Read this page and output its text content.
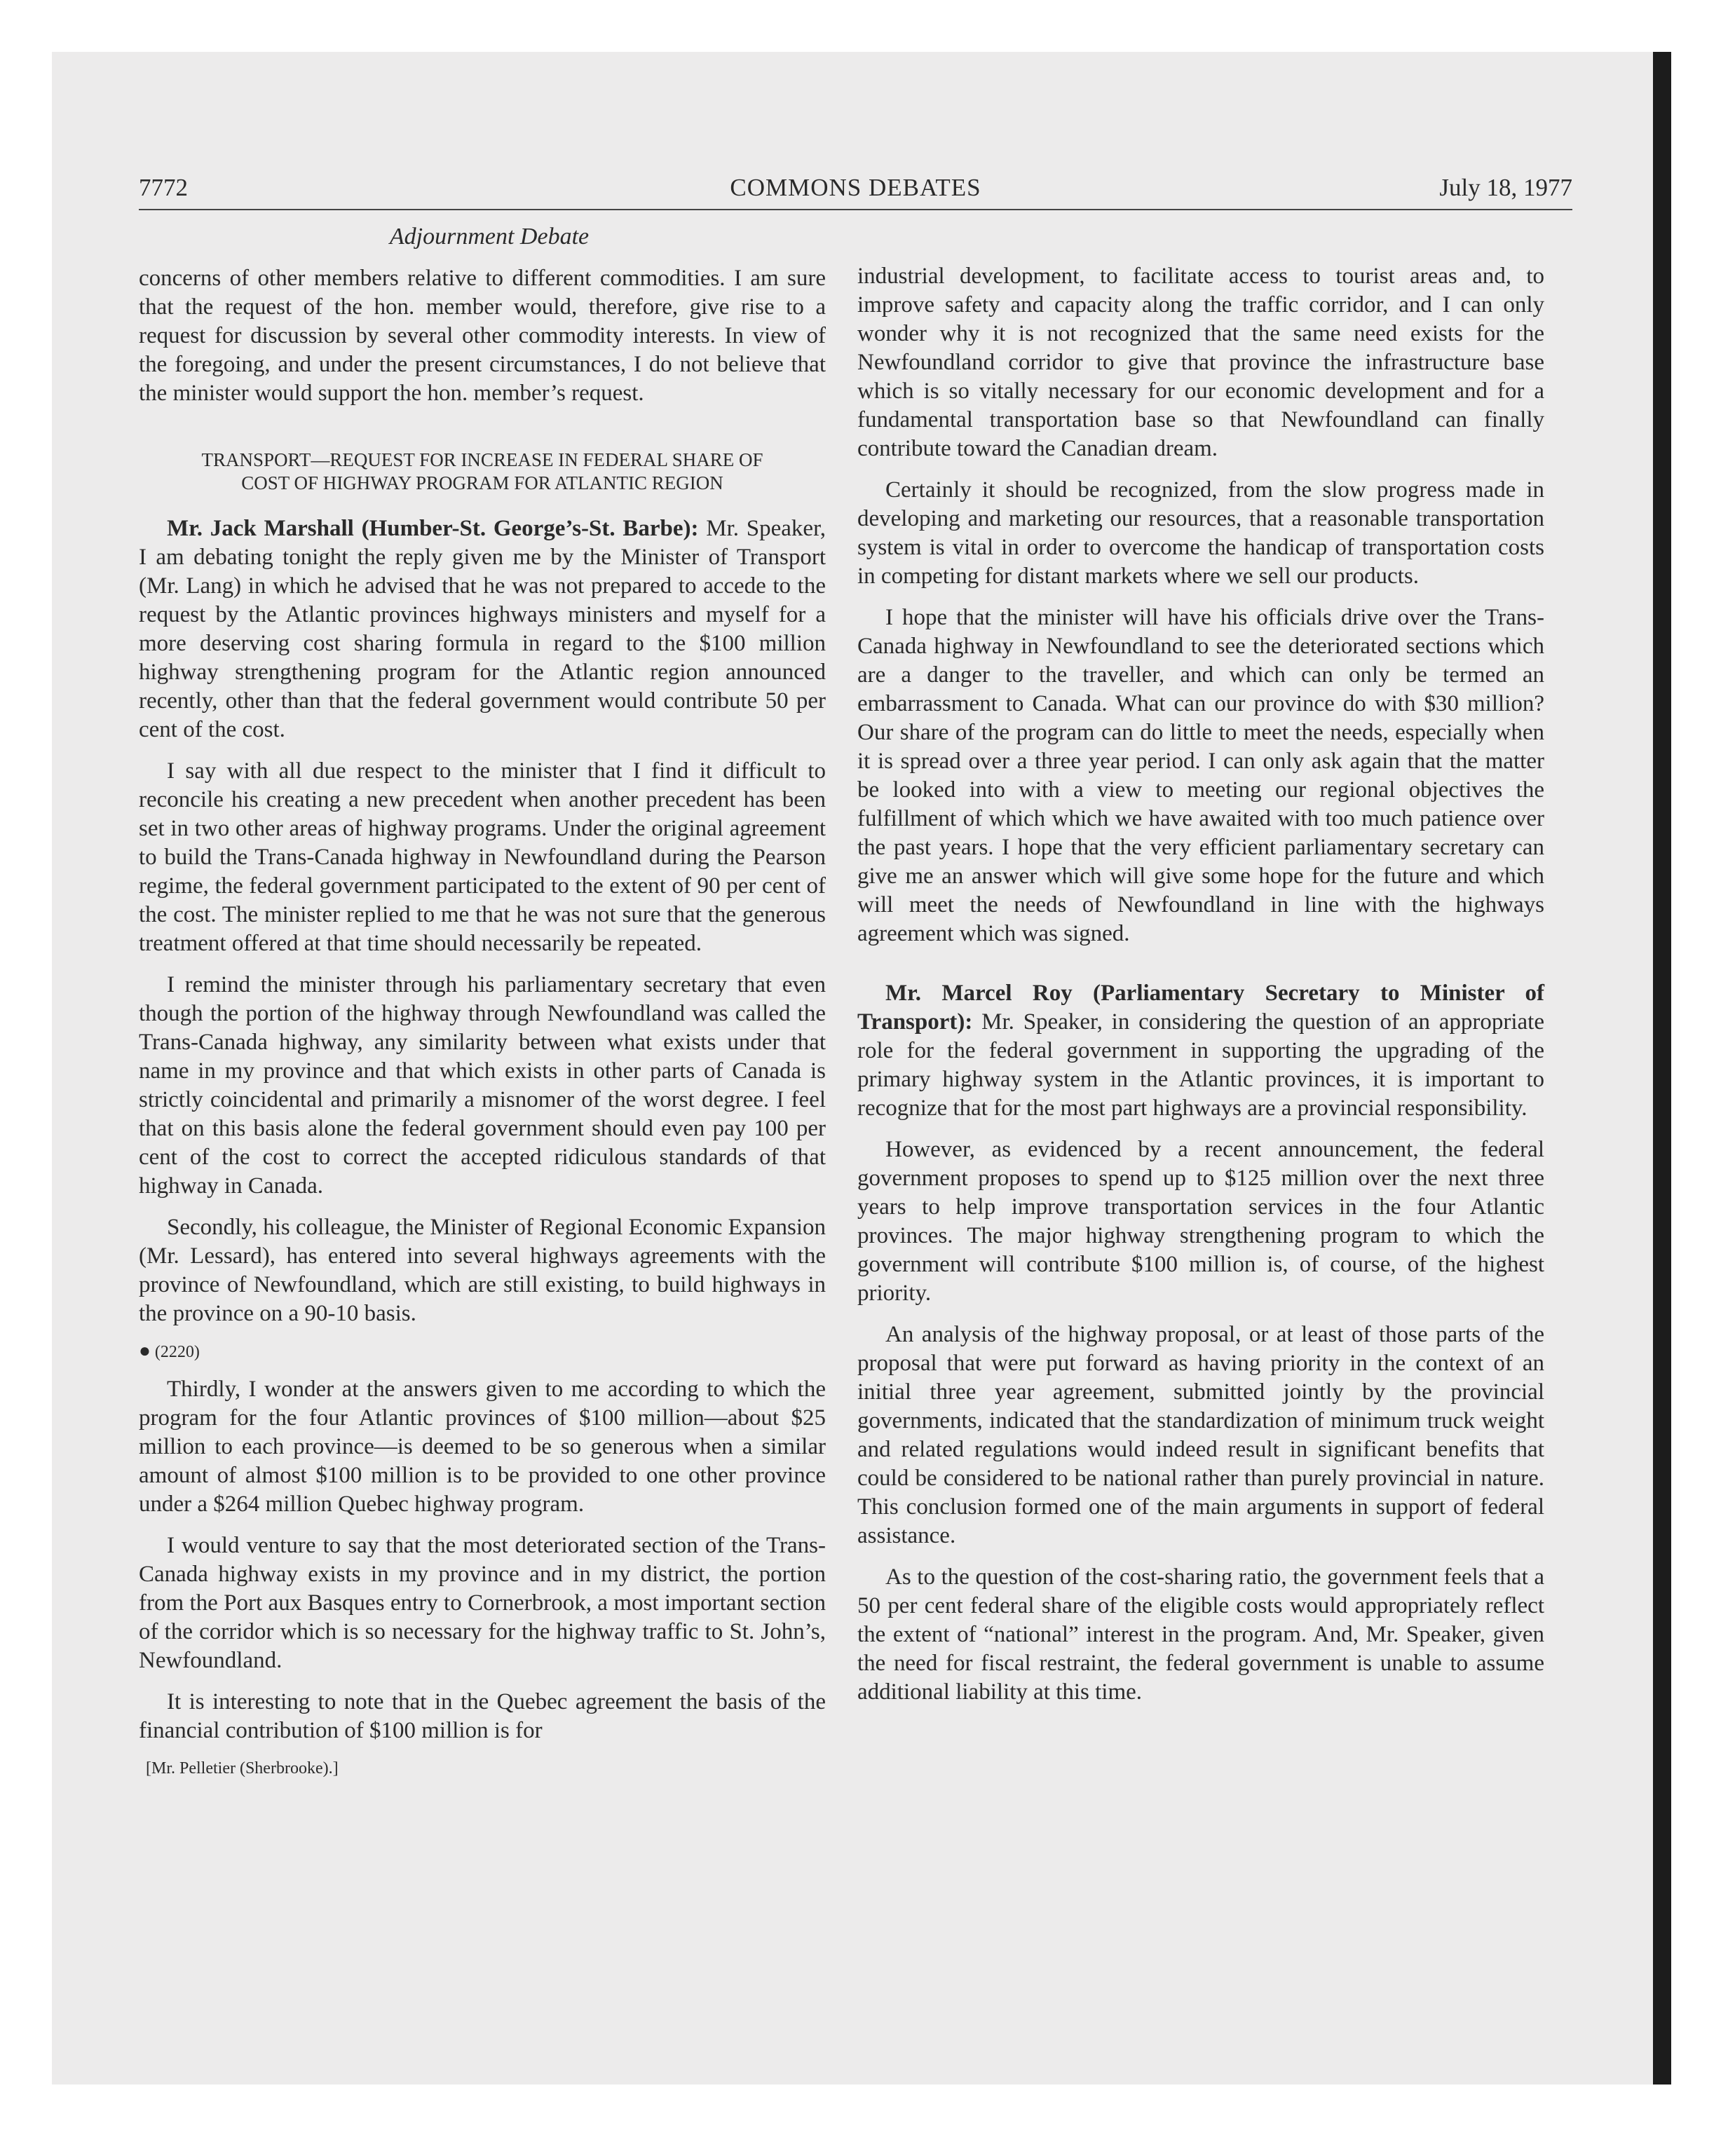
7772	COMMONS DEBATES	July 18, 1977
Adjournment Debate

concerns of other members relative to different commodities. I am sure that the request of the hon. member would, therefore, give rise to a request for discussion by several other commodity interests. In view of the foregoing, and under the present circumstances, I do not believe that the minister would support the hon. member’s request.

TRANSPORT—REQUEST FOR INCREASE IN FEDERAL SHARE OF
COST OF HIGHWAY PROGRAM FOR ATLANTIC REGION

Mr. Jack Marshall (Humber-St. George’s-St. Barbe): Mr. Speaker, I am debating tonight the reply given me by the Minister of Transport (Mr. Lang) in which he advised that he was not prepared to accede to the request by the Atlantic provinces highways ministers and myself for a more deserving cost sharing formula in regard to the $100 million highway strengthening program for the Atlantic region announced recently, other than that the federal government would contribute 50 per cent of the cost.

I say with all due respect to the minister that I find it difficult to reconcile his creating a new precedent when another precedent has been set in two other areas of highway programs. Under the original agreement to build the Trans-Canada highway in Newfoundland during the Pearson regime, the federal government participated to the extent of 90 per cent of the cost. The minister replied to me that he was not sure that the generous treatment offered at that time should necessarily be repeated.

I remind the minister through his parliamentary secretary that even though the portion of the highway through Newfoundland was called the Trans-Canada highway, any similarity between what exists under that name in my province and that which exists in other parts of Canada is strictly coincidental and primarily a misnomer of the worst degree. I feel that on this basis alone the federal government should even pay 100 per cent of the cost to correct the accepted ridiculous standards of that highway in Canada.

Secondly, his colleague, the Minister of Regional Economic Expansion (Mr. Lessard), has entered into several highways agreements with the province of Newfoundland, which are still existing, to build highways in the province on a 90-10 basis.

● (2220)

Thirdly, I wonder at the answers given to me according to which the program for the four Atlantic provinces of $100 million—about $25 million to each province—is deemed to be so generous when a similar amount of almost $100 million is to be provided to one other province under a $264 million Quebec highway program.

I would venture to say that the most deteriorated section of the Trans-Canada highway exists in my province and in my district, the portion from the Port aux Basques entry to Cornerbrook, a most important section of the corridor which is so necessary for the highway traffic to St. John’s, Newfoundland.

It is interesting to note that in the Quebec agreement the basis of the financial contribution of $100 million is for

[Mr. Pelletier (Sherbrooke).]

industrial development, to facilitate access to tourist areas and, to improve safety and capacity along the traffic corridor, and I can only wonder why it is not recognized that the same need exists for the Newfoundland corridor to give that province the infrastructure base which is so vitally necessary for our economic development and for a fundamental transportation base so that Newfoundland can finally contribute toward the Canadian dream.

Certainly it should be recognized, from the slow progress made in developing and marketing our resources, that a reasonable transportation system is vital in order to overcome the handicap of transportation costs in competing for distant markets where we sell our products.

I hope that the minister will have his officials drive over the Trans-Canada highway in Newfoundland to see the deteriorated sections which are a danger to the traveller, and which can only be termed an embarrassment to Canada. What can our province do with $30 million? Our share of the program can do little to meet the needs, especially when it is spread over a three year period. I can only ask again that the matter be looked into with a view to meeting our regional objectives the fulfillment of which which we have awaited with too much patience over the past years. I hope that the very efficient parliamentary secretary can give me an answer which will give some hope for the future and which will meet the needs of Newfoundland in line with the highways agreement which was signed.

Mr. Marcel Roy (Parliamentary Secretary to Minister of Transport): Mr. Speaker, in considering the question of an appropriate role for the federal government in supporting the upgrading of the primary highway system in the Atlantic provinces, it is important to recognize that for the most part highways are a provincial responsibility.

However, as evidenced by a recent announcement, the federal government proposes to spend up to $125 million over the next three years to help improve transportation services in the four Atlantic provinces. The major highway strengthening program to which the government will contribute $100 million is, of course, of the highest priority.

An analysis of the highway proposal, or at least of those parts of the proposal that were put forward as having priority in the context of an initial three year agreement, submitted jointly by the provincial governments, indicated that the standardization of minimum truck weight and related regulations would indeed result in significant benefits that could be considered to be national rather than purely provincial in nature. This conclusion formed one of the main arguments in support of federal assistance.

As to the question of the cost-sharing ratio, the government feels that a 50 per cent federal share of the eligible costs would appropriately reflect the extent of “national” interest in the program. And, Mr. Speaker, given the need for fiscal restraint, the federal government is unable to assume additional liability at this time.
